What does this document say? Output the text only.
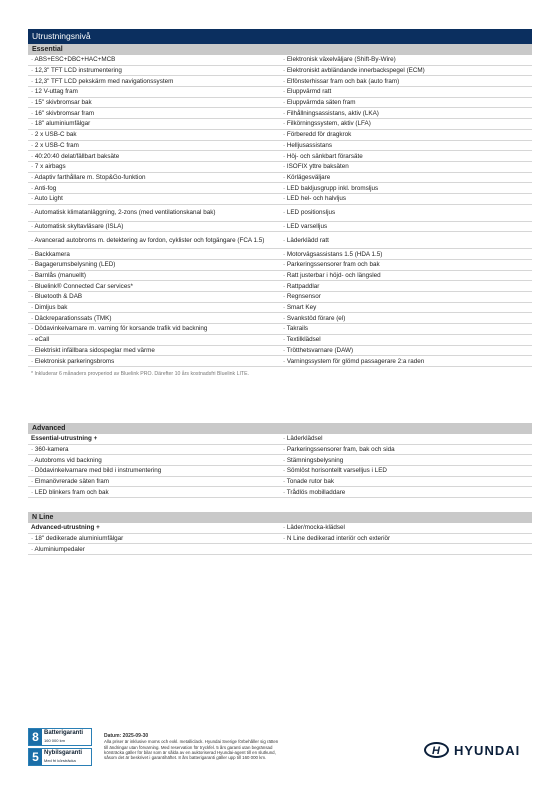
Utrustningsnivå
Essential
· ABS+ESC+DBC+HAC+MCB	· Elektronisk växelväljare (Shift-By-Wire)
· 12,3" TFT LCD instrumentering	· Elektroniskt avbländande innerbackspegel (ECM)
· 12,3" TFT LCD pekskärm med navigationssystem	· Elfönsterhissar fram och bak (auto fram)
· 12 V-uttag fram	· Eluppvärmd ratt
· 15" skivbromsar bak	· Eluppvärmda säten fram
· 16" skivbromsar fram	· Filhållningsassistans, aktiv (LKA)
· 18" aluminiumfälgar	· Filkörningssystem, aktiv (LFA)
· 2 x USB-C bak	· Förberedd för dragkrok
· 2 x USB-C fram	· Helljusassistans
· 40:20:40 delat/fällbart baksäte	· Höj- och sänkbart förarsäte
· 7 x airbags	· ISOFIX yttre baksäten
· Adaptiv farthållare m. Stop&Go-funktion	· Körlägesväljare
· Anti-fog	· LED bakljusgrupp inkl. bromsljus
· Auto Light	· LED hel- och halvljus
· Automatisk klimatanläggning, 2-zons (med ventilationskanal bak)	· LED positionsljus
· Automatisk skyltavläsare (ISLA)	· LED varselljus
· Avancerad autobroms m. detektering av fordon, cyklister och fotgängare (FCA 1.5)	· Läderklädd ratt
· Backkamera	· Motorvägsassistans 1.5 (HDA 1.5)
· Bagagerumsbelysning (LED)	· Parkeringssensorer fram och bak
· Barnlås (manuellt)	· Ratt justerbar i höjd- och längsled
· Bluelink® Connected Car services*	· Rattpaddlar
· Bluetooth & DAB	· Regnsensor
· Dimljus bak	· Smart Key
· Däckreparationssats (TMK)	· Svankstöd förare (el)
· Dödavinkelvarnare m. varning för korsande trafik vid backning	· Takrails
· eCall	· Textilklädsel
· Elektriskt infällbara sidospeglar med värme	· Trötthetsvarnare (DAW)
· Elektronisk parkeringsbroms	· Varningssystem för glömd passagerare 2:a raden
* Inkluderar 6 månaders provperiod av Bluelink PRO. Därefter 10 års kostnadsfri Bluelink LITE.
Advanced
Essential-utrustning +	· Läderklädsel
· 360-kamera	· Parkeringssensorer fram, bak och sida
· Autobroms vid backning	· Stämningsbelysning
· Dödavinkelvarnare med bild i instrumentering	· Sömlöst horisontellt varselljus i LED
· Elmanövrerade säten fram	· Tonade rutor bak
· LED blinkers fram och bak	· Trådlös mobilladdare
N Line
Advanced-utrustning +	· Läder/mocka-klädsel
· 18" dedikerade aluminiumfälgar	· N Line dedikerad interiör och exteriör
· Aluminiumpedaler
8 Batterigaranti
160 000 km
5 Nybilsgaranti
Med fri körsträcka
Datum: 2025-09-30
Alla priser är inklusive moms och exkl. metalliclack. Hyundai Sverige förbehåller sig rätten till ändringar utan förvarning. Med reservation för tryckfel. 5 års garanti utan begränsad körsträcka gäller för bilar som är sålda av en auktoriserad Hyundai-agent till en slutkund, såsom det är beskrivet i garantihäftet. 8 års batterigaranti gäller upp till 160 000 km.
H HYUNDAI
